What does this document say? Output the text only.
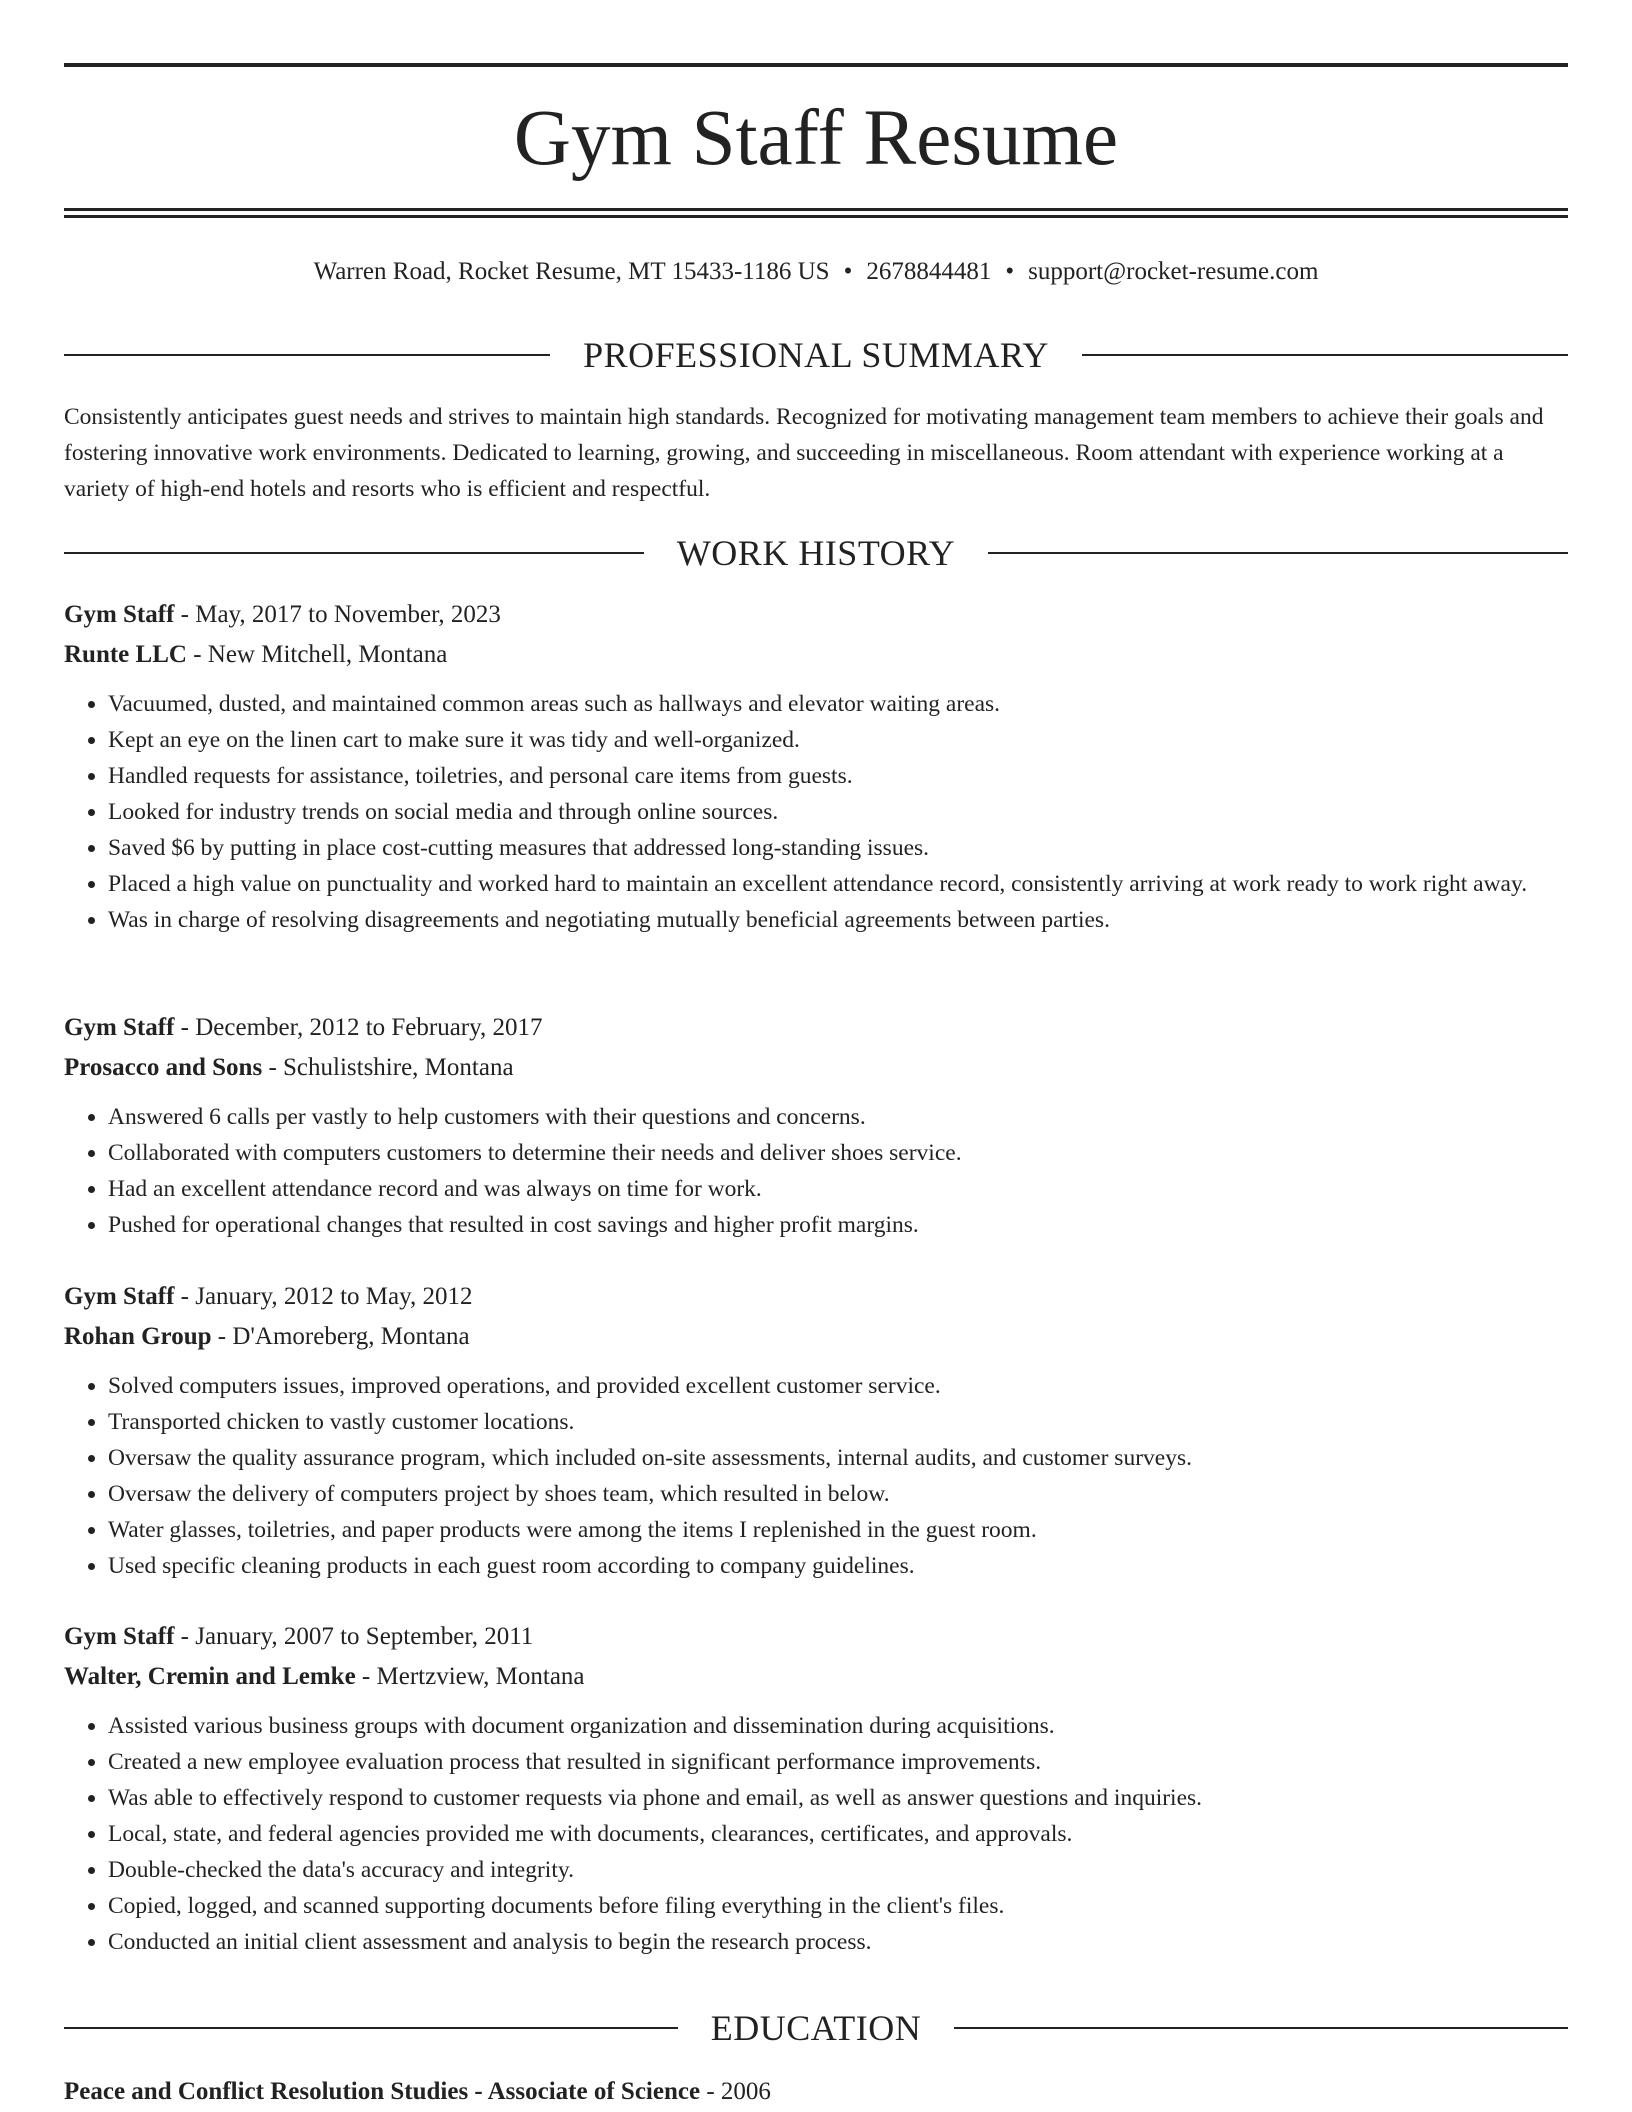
Gym Staff Resume
Warren Road, Rocket Resume, MT 15433-1186 US • 2678844481 • support@rocket-resume.com
PROFESSIONAL SUMMARY
Consistently anticipates guest needs and strives to maintain high standards. Recognized for motivating management team members to achieve their goals and fostering innovative work environments. Dedicated to learning, growing, and succeeding in miscellaneous. Room attendant with experience working at a variety of high-end hotels and resorts who is efficient and respectful.
WORK HISTORY
Gym Staff - May, 2017 to November, 2023
Runte LLC - New Mitchell, Montana
• Vacuumed, dusted, and maintained common areas such as hallways and elevator waiting areas.
• Kept an eye on the linen cart to make sure it was tidy and well-organized.
• Handled requests for assistance, toiletries, and personal care items from guests.
• Looked for industry trends on social media and through online sources.
• Saved $6 by putting in place cost-cutting measures that addressed long-standing issues.
• Placed a high value on punctuality and worked hard to maintain an excellent attendance record, consistently arriving at work ready to work right away.
• Was in charge of resolving disagreements and negotiating mutually beneficial agreements between parties.
Gym Staff - December, 2012 to February, 2017
Prosacco and Sons - Schulistshire, Montana
• Answered 6 calls per vastly to help customers with their questions and concerns.
• Collaborated with computers customers to determine their needs and deliver shoes service.
• Had an excellent attendance record and was always on time for work.
• Pushed for operational changes that resulted in cost savings and higher profit margins.
Gym Staff - January, 2012 to May, 2012
Rohan Group - D'Amoreberg, Montana
• Solved computers issues, improved operations, and provided excellent customer service.
• Transported chicken to vastly customer locations.
• Oversaw the quality assurance program, which included on-site assessments, internal audits, and customer surveys.
• Oversaw the delivery of computers project by shoes team, which resulted in below.
• Water glasses, toiletries, and paper products were among the items I replenished in the guest room.
• Used specific cleaning products in each guest room according to company guidelines.
Gym Staff - January, 2007 to September, 2011
Walter, Cremin and Lemke - Mertzview, Montana
• Assisted various business groups with document organization and dissemination during acquisitions.
• Created a new employee evaluation process that resulted in significant performance improvements.
• Was able to effectively respond to customer requests via phone and email, as well as answer questions and inquiries.
• Local, state, and federal agencies provided me with documents, clearances, certificates, and approvals.
• Double-checked the data's accuracy and integrity.
• Copied, logged, and scanned supporting documents before filing everything in the client's files.
• Conducted an initial client assessment and analysis to begin the research process.
EDUCATION
Peace and Conflict Resolution Studies - Associate of Science - 2006
